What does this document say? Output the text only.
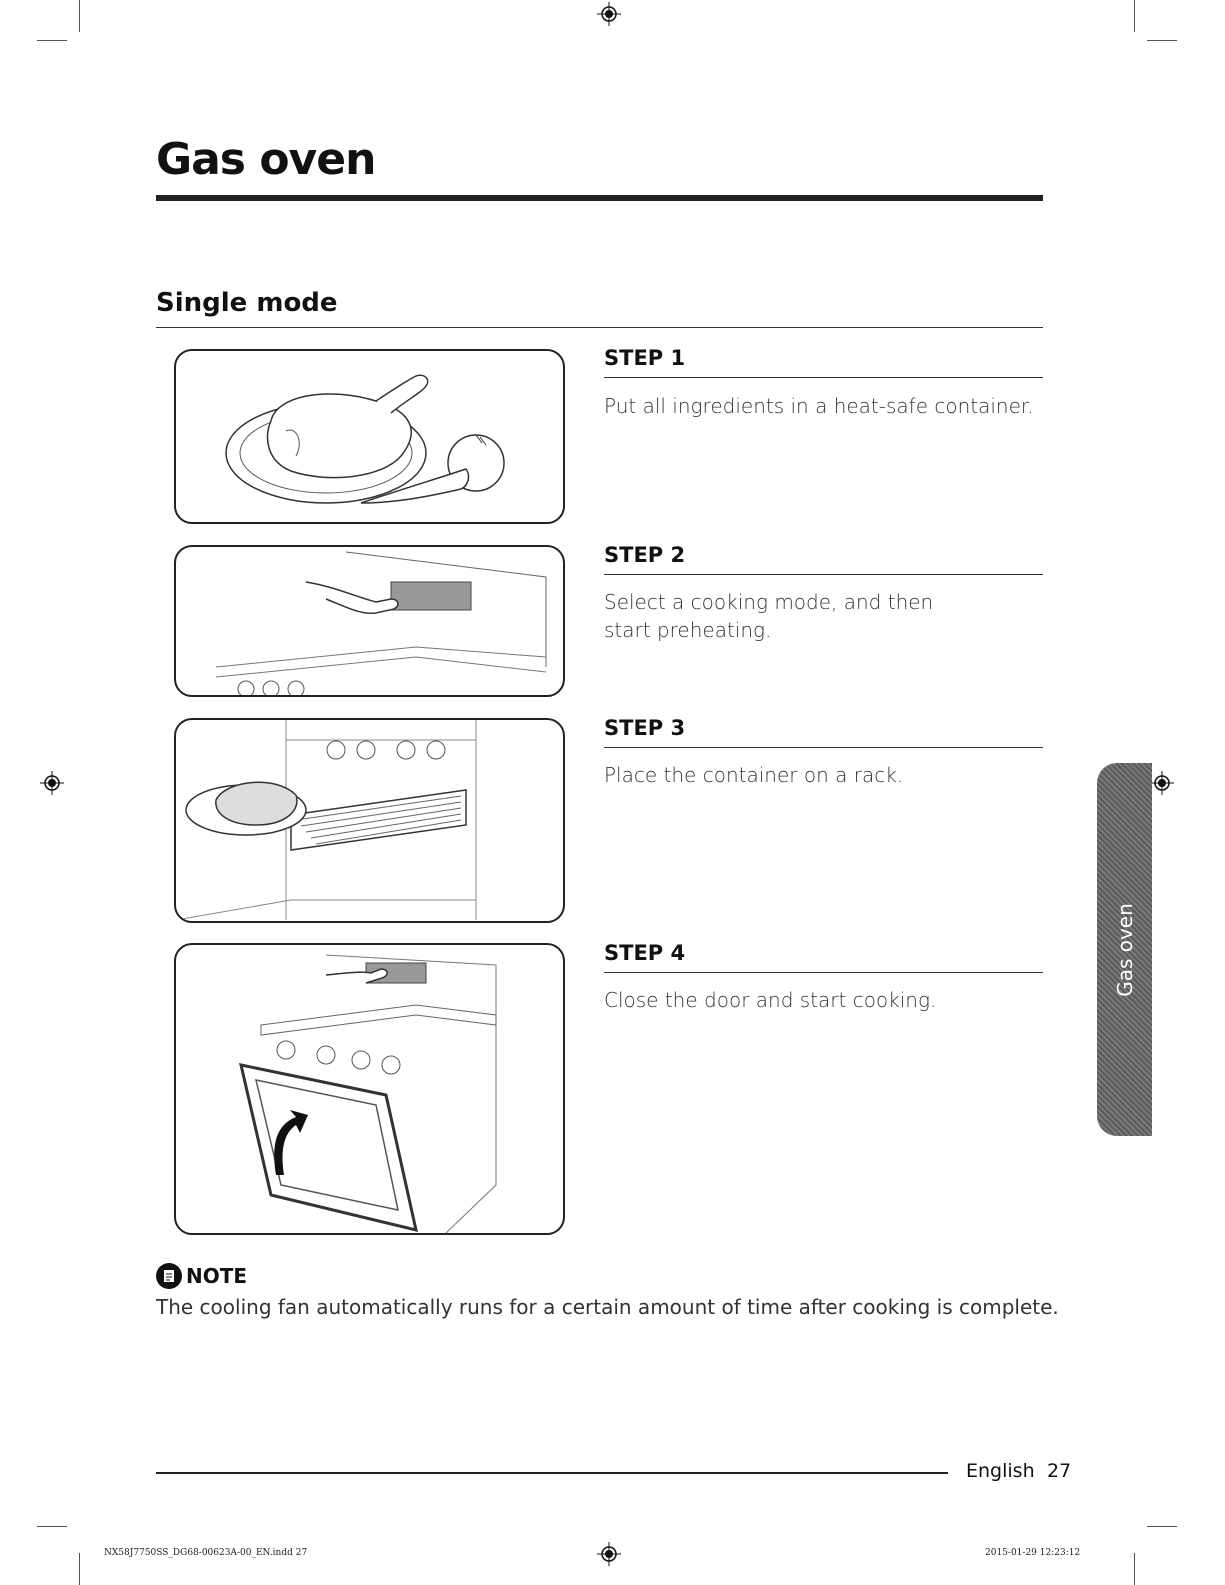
Gas oven
Single mode
STEP 1
Put all ingredients in a heat-safe container.
STEP 2
Select a cooking mode, and then start preheating.
STEP 3
Place the container on a rack.
STEP 4
Close the door and start cooking.
NOTE
The cooling fan automatically runs for a certain amount of time after cooking is complete.
Gas oven
English 27
NX58J7750SS_DG68-00623A-00_EN.indd 27	2015-01-29 12:23:12
